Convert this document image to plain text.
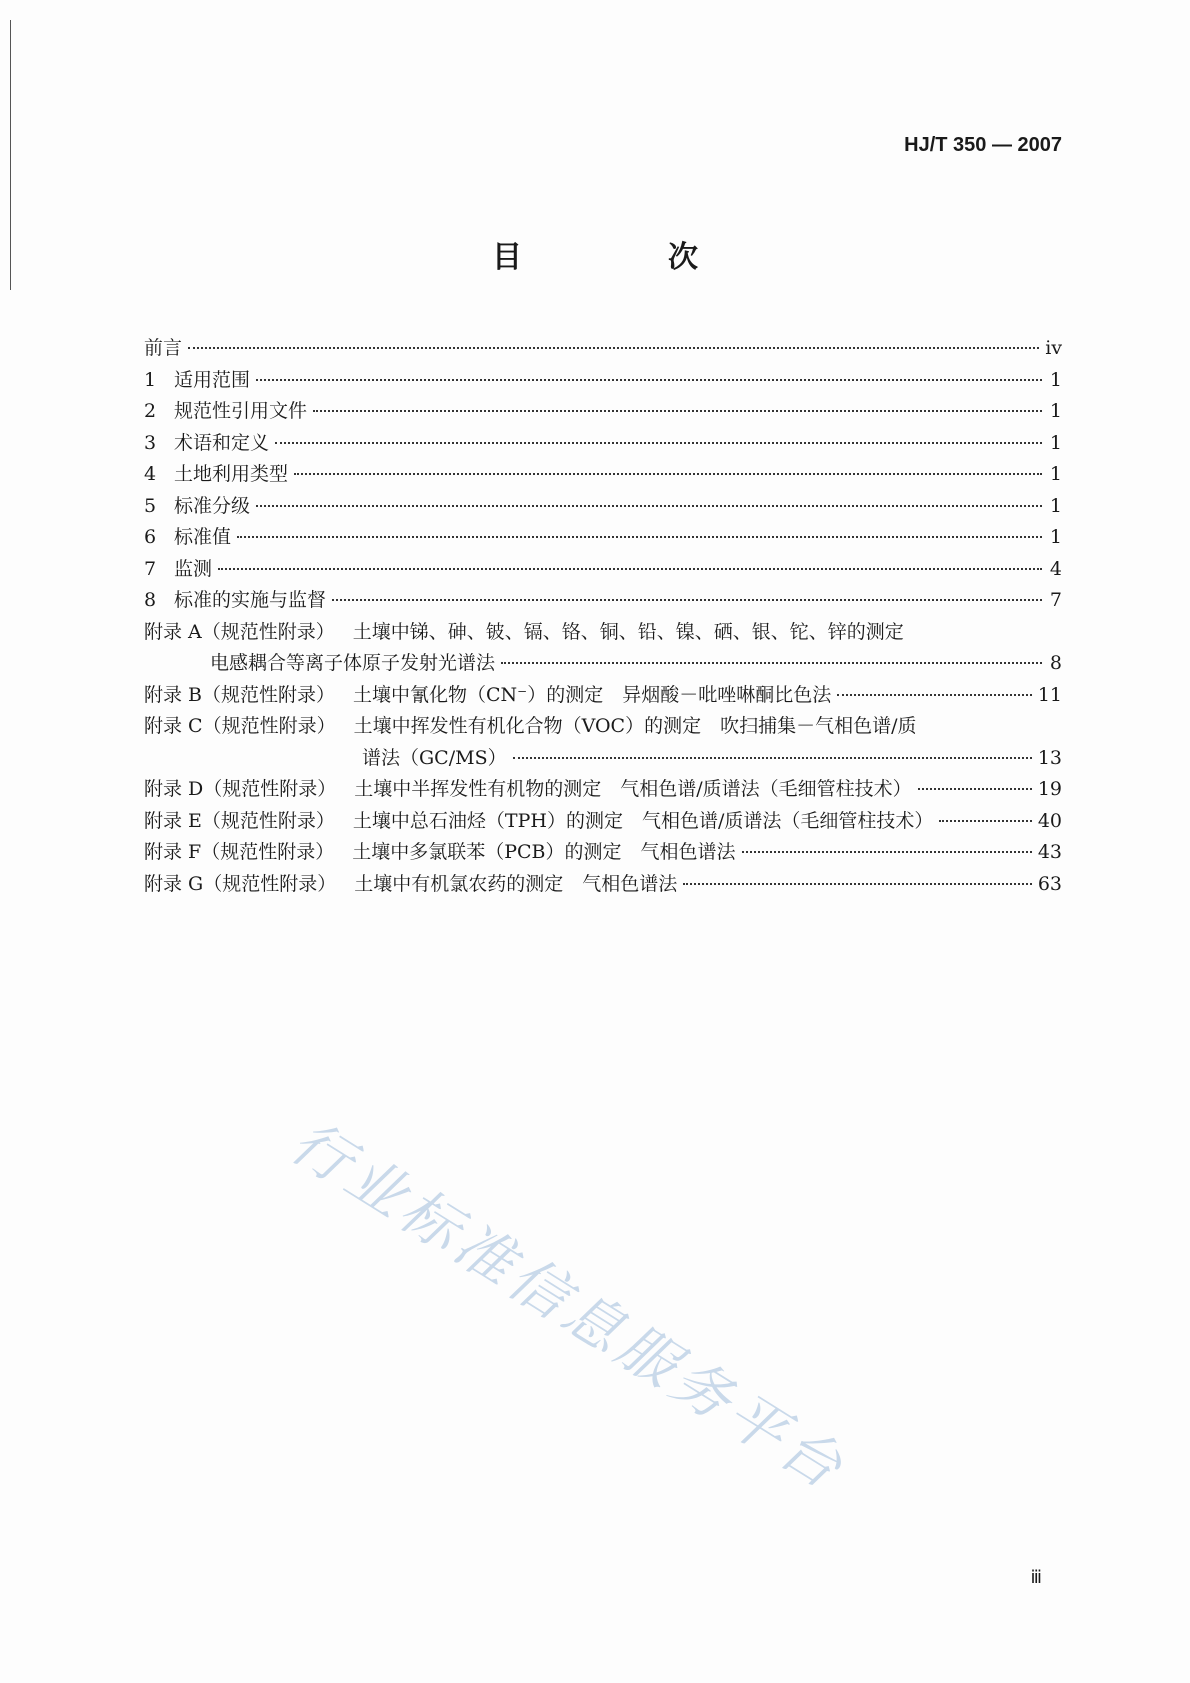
HJ/T 350 — 2007
目　次
前言	ⅳ
1 适用范围	1
2 规范性引用文件	1
3 术语和定义	1
4 土地利用类型	1
5 标准分级	1
6 标准值	1
7 监测	4
8 标准的实施与监督	7
附录 A（规范性附录） 土壤中锑、砷、铍、镉、铬、铜、铅、镍、硒、银、铊、锌的测定
电感耦合等离子体原子发射光谱法	8
附录 B（规范性附录） 土壤中氰化物（CN⁻）的测定　异烟酸－吡唑啉酮比色法	11
附录 C（规范性附录） 土壤中挥发性有机化合物（VOC）的测定　吹扫捕集－气相色谱/质
谱法（GC/MS）	13
附录 D（规范性附录） 土壤中半挥发性有机物的测定　气相色谱/质谱法（毛细管柱技术）	19
附录 E（规范性附录） 土壤中总石油烃（TPH）的测定　气相色谱/质谱法（毛细管柱技术）	40
附录 F（规范性附录） 土壤中多氯联苯（PCB）的测定　气相色谱法	43
附录 G（规范性附录） 土壤中有机氯农药的测定　气相色谱法	63
行业标准信息服务平台
ⅲ
